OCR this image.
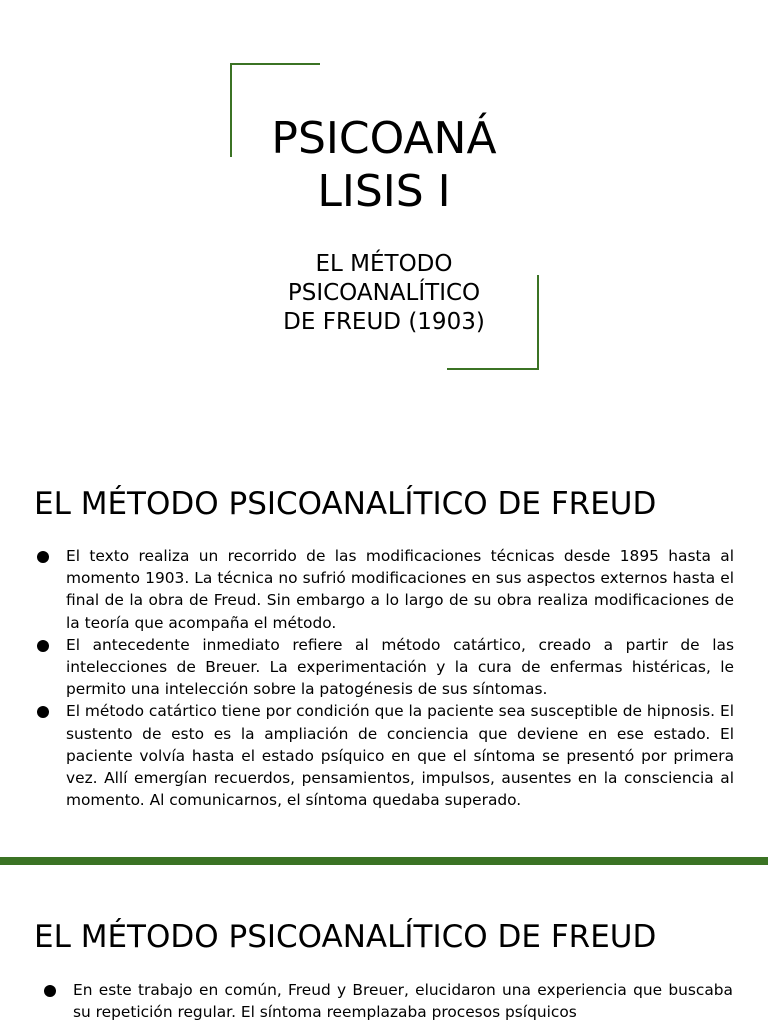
PSICOANÁ
LISIS I
EL MÉTODO
PSICOANALÍTICO
DE FREUD (1903)
EL MÉTODO PSICOANALÍTICO DE FREUD
El texto realiza un recorrido de las modificaciones técnicas desde 1895 hasta al momento 1903. La técnica no sufrió modificaciones en sus aspectos externos hasta el final de la obra de Freud. Sin embargo a lo largo de su obra realiza modificaciones de la teoría que acompaña el método.
El antecedente inmediato refiere al método catártico, creado a partir de las intelecciones de Breuer. La experimentación y la cura de enfermas histéricas, le permito una intelección sobre la patogénesis de sus síntomas.
El método catártico tiene por condición que la paciente sea susceptible de hipnosis. El sustento de esto es la ampliación de conciencia que deviene en ese estado. El paciente volvía hasta el estado psíquico en que el síntoma se presentó por primera vez. Allí emergían recuerdos, pensamientos, impulsos, ausentes en la consciencia al momento. Al comunicarnos, el síntoma quedaba superado.
EL MÉTODO PSICOANALÍTICO DE FREUD
En este trabajo en común, Freud y Breuer, elucidaron una experiencia que buscaba su repetición regular. El síntoma reemplazaba procesos psíquicos
